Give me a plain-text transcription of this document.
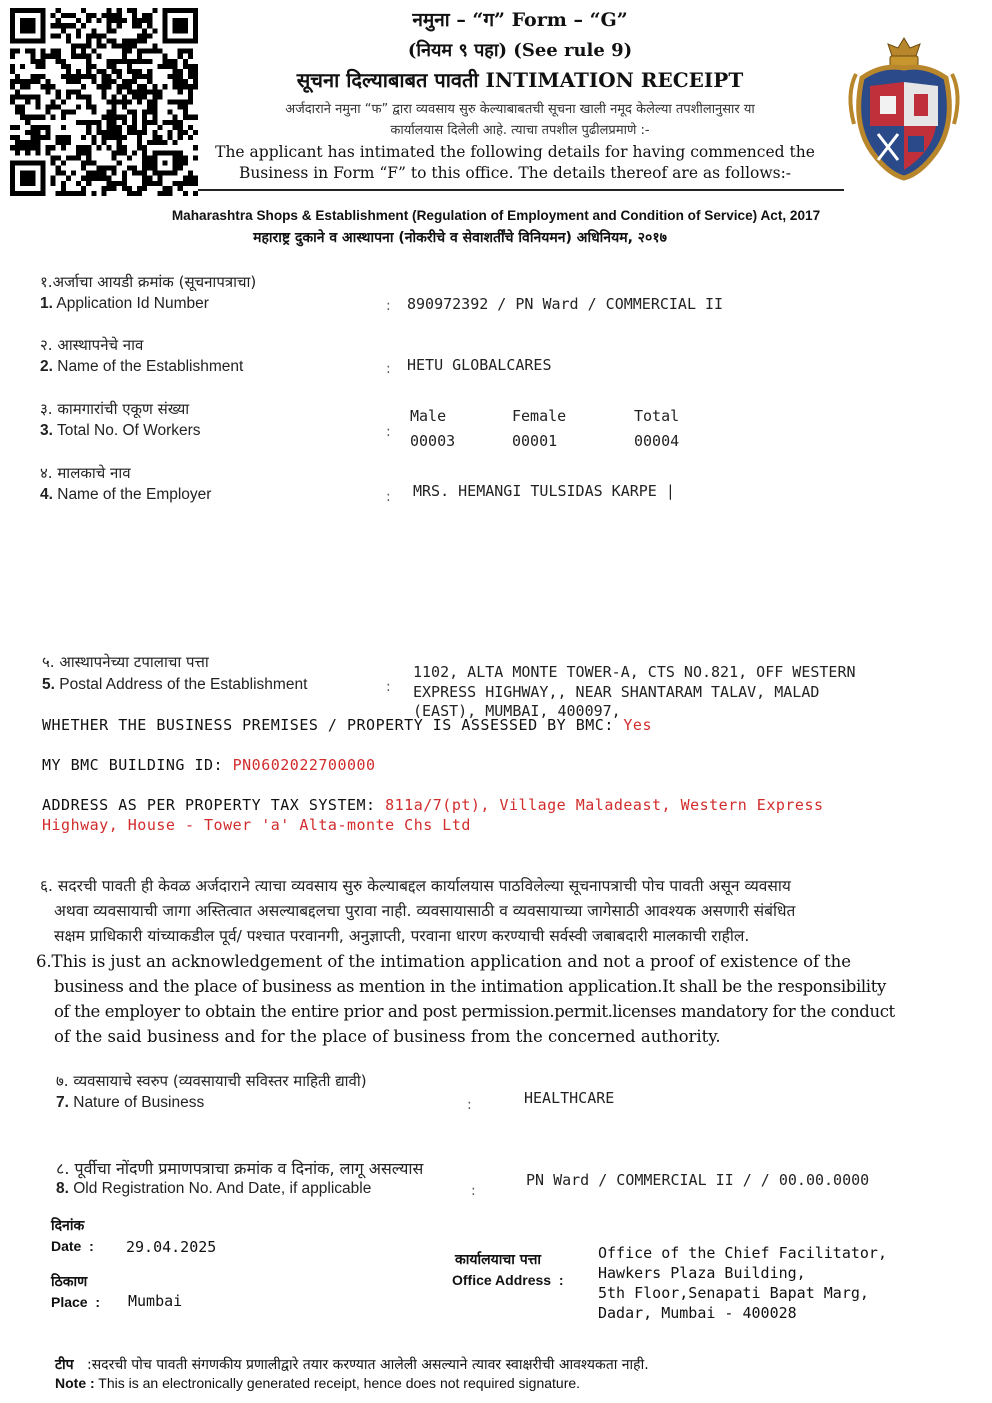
नमुना – “ग” Form – “G”
(नियम ९ पहा) (See rule 9)
सूचना दिल्याबाबत पावती INTIMATION RECEIPT
अर्जदाराने नमुना “फ” द्वारा व्यवसाय सुरु केल्याबाबतची सूचना खाली नमूद केलेल्या तपशीलानुसार या
कार्यालयास दिलेली आहे. त्याचा तपशील पुढीलप्रमाणे :-
The applicant has intimated the following details for having commenced the
Business in Form “F” to this office. The details thereof are as follows:-
Maharashtra Shops & Establishment (Regulation of Employment and Condition of Service) Act, 2017
महाराष्ट्र दुकाने व आस्थापना (नोकरीचे व सेवाशर्तींचे विनियमन) अधिनियम, २०१७
१.अर्जाचा आयडी क्रमांक (सूचनापत्राचा)
1. Application Id Number	: 890972392 / PN Ward / COMMERCIAL II
२. आस्थापनेचे नाव
2. Name of the Establishment	: HETU GLOBALCARES
३. कामगारांची एकूण संख्या
3. Total No. Of Workers	:
Male	Female	Total
00003	00001	00004
४. मालकाचे नाव
4. Name of the Employer	: MRS. HEMANGI TULSIDAS KARPE |
५. आस्थापनेच्या टपालाचा पत्ता
5. Postal Address of the Establishment	:
1102, ALTA MONTE TOWER-A, CTS NO.821, OFF WESTERN
EXPRESS HIGHWAY,, NEAR SHANTARAM TALAV, MALAD
(EAST), MUMBAI, 400097,
WHETHER THE BUSINESS PREMISES / PROPERTY IS ASSESSED BY BMC: Yes
MY BMC BUILDING ID: PN0602022700000
ADDRESS AS PER PROPERTY TAX SYSTEM: 811a/7(pt), Village Maladeast, Western Express
Highway, House - Tower 'a' Alta-monte Chs Ltd
६. सदरची पावती ही केवळ अर्जदाराने त्याचा व्यवसाय सुरु केल्याबद्दल कार्यालयास पाठविलेल्या सूचनापत्राची पोच पावती असून व्यवसाय
अथवा व्यवसायाची जागा अस्तित्वात असल्याबद्दलचा पुरावा नाही. व्यवसायासाठी व व्यवसायाच्या जागेसाठी आवश्यक असणारी संबंधित
सक्षम प्राधिकारी यांच्याकडील पूर्व/ पश्चात परवानगी, अनुज्ञाप्ती, परवाना धारण करण्याची सर्वस्वी जबाबदारी मालकाची राहील.
6.This is just an acknowledgement of the intimation application and not a proof of existence of the
business and the place of business as mention in the intimation application.It shall be the responsibility
of the employer to obtain the entire prior and post permission.permit.licenses mandatory for the conduct
of the said business and for the place of business from the concerned authority.
७. व्यवसायाचे स्वरुप (व्यवसायाची सविस्तर माहिती द्यावी)
7. Nature of Business	:	HEALTHCARE
८. पूर्वीचा नोंदणी प्रमाणपत्राचा क्रमांक व दिनांक, लागू असल्यास
8. Old Registration No. And Date, if applicable	:
PN Ward / COMMERCIAL II / / 00.00.0000
दिनांक
Date  : 29.04.2025
ठिकाण
Place  : Mumbai
कार्यालयाचा पत्ता
Office Address  :
Office of the Chief Facilitator,
Hawkers Plaza Building,
5th Floor,Senapati Bapat Marg,
Dadar, Mumbai - 400028
टीप :सदरची पोच पावती संगणकीय प्रणालीद्वारे तयार करण्यात आलेली असल्याने त्यावर स्वाक्षरीची आवश्यकता नाही.
Note : This is an electronically generated receipt, hence does not required signature.
